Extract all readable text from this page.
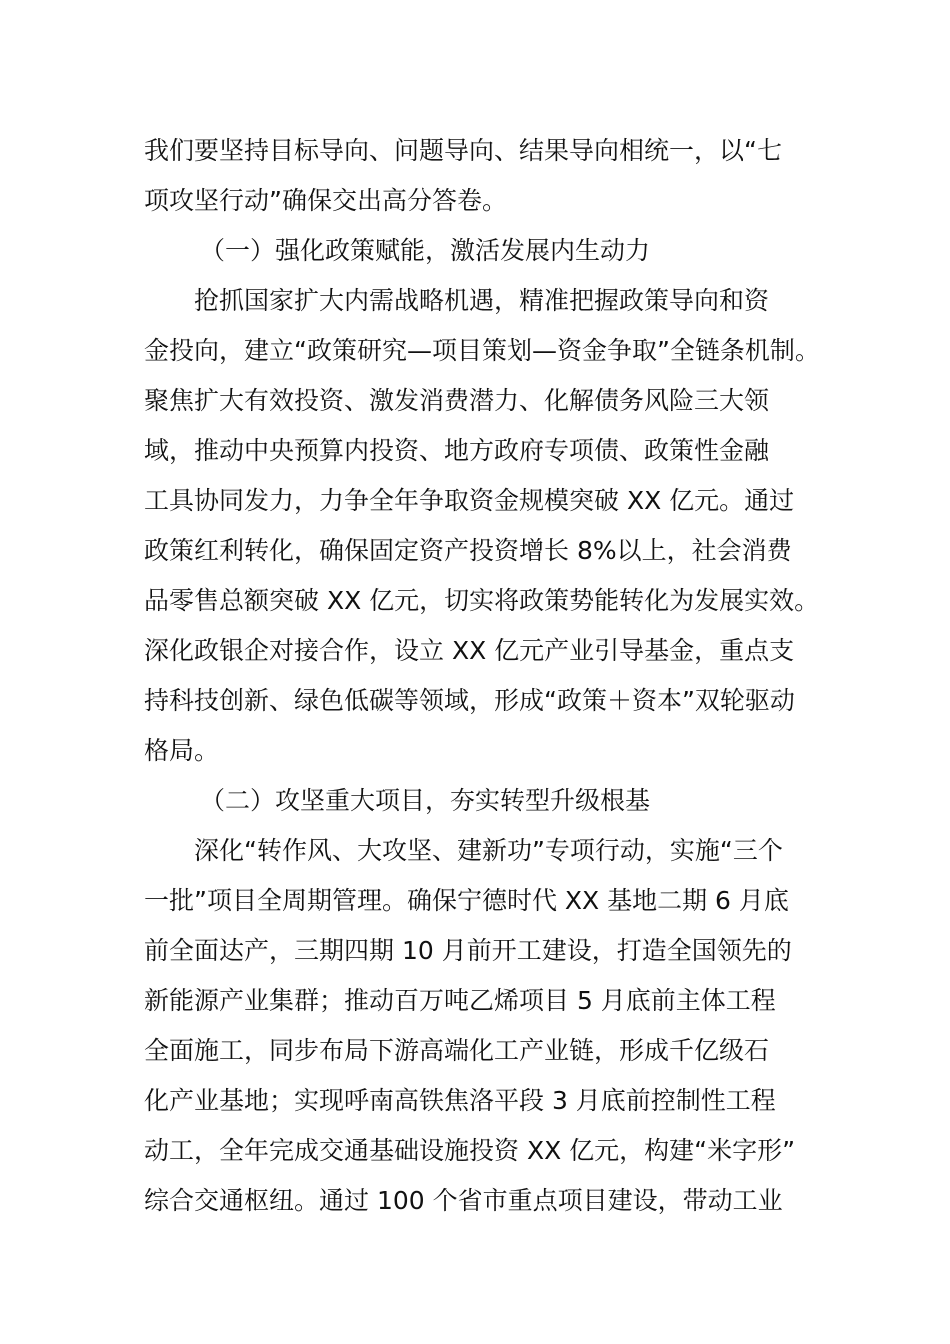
我们要坚持目标导向、问题导向、结果导向相统一，以“七
项攻坚行动”确保交出高分答卷。
（一）强化政策赋能，激活发展内生动力
抢抓国家扩大内需战略机遇，精准把握政策导向和资
金投向，建立“政策研究—项目策划—资金争取”全链条机制。
聚焦扩大有效投资、激发消费潜力、化解债务风险三大领
域，推动中央预算内投资、地方政府专项债、政策性金融
工具协同发力，力争全年争取资金规模突破 XX 亿元。通过
政策红利转化，确保固定资产投资增长 8%以上，社会消费
品零售总额突破 XX 亿元，切实将政策势能转化为发展实效。
深化政银企对接合作，设立 XX 亿元产业引导基金，重点支
持科技创新、绿色低碳等领域，形成“政策＋资本”双轮驱动
格局。
（二）攻坚重大项目，夯实转型升级根基
深化“转作风、大攻坚、建新功”专项行动，实施“三个
一批”项目全周期管理。确保宁德时代 XX 基地二期 6 月底
前全面达产，三期四期 10 月前开工建设，打造全国领先的
新能源产业集群；推动百万吨乙烯项目 5 月底前主体工程
全面施工，同步布局下游高端化工产业链，形成千亿级石
化产业基地；实现呼南高铁焦洛平段 3 月底前控制性工程
动工，全年完成交通基础设施投资 XX 亿元，构建“米字形”
综合交通枢纽。通过 100 个省市重点项目建设，带动工业
